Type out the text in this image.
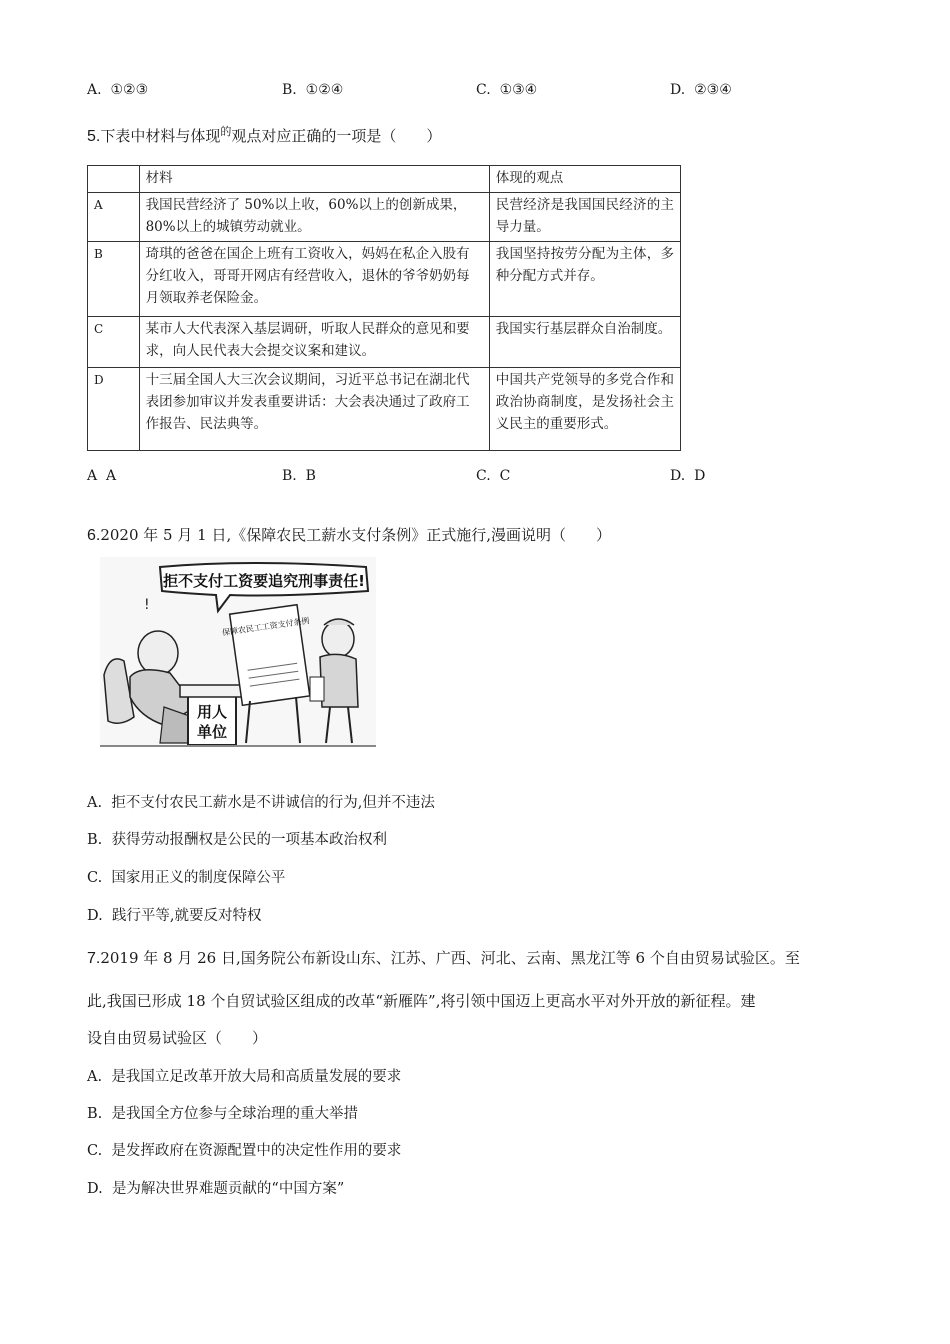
A. ①②③	B. ①②④	C. ①③④	D. ②③④
5.下表中材料与体现$^的$观点对应正确的一项是（　　）
	材料	体现的观点
A	我国民营经济了 50%以上收，60%以上的创新成果，80%以上的城镇劳动就业。	民营经济是我国国民经济的主导力量。
B	琦琪的爸爸在国企上班有工资收入，妈妈在私企入股有分红收入，哥哥开网店有经营收入，退休的爷爷奶奶每月领取养老保险金。	我国坚持按劳分配为主体，多种分配方式并存。
C	某市人大代表深入基层调研，听取人民群众的意见和要求，向人民代表大会提交议案和建议。	我国实行基层群众自治制度。
D	十三届全国人大三次会议期间，习近平总书记在湖北代表团参加审议并发表重要讲话：大会表决通过了政府工作报告、民法典等。	中国共产党领导的多党合作和政治协商制度，是发扬社会主义民主的重要形式。
A A	B. B	C. C	D. D
6.2020 年 5 月 1 日,《保障农民工薪水支付条例》正式施行,漫画说明（　　）
拒不支付工资要追究刑事责任!
!
用人
单位
保障农民工工资支付条例
A. 拒不支付农民工薪水是不讲诚信的行为,但并不违法
B. 获得劳动报酬权是公民的一项基本政治权利
C. 国家用正义的制度保障公平
D. 践行平等,就要反对特权
7.2019 年 8 月 26 日,国务院公布新设山东、江苏、广西、河北、云南、黑龙江等 6 个自由贸易试验区。至
此,我国已形成 18 个自贸试验区组成的改革“新雁阵”,将引领中国迈上更高水平对外开放的新征程。建
设自由贸易试验区（　　）
A. 是我国立足改革开放大局和高质量发展的要求
B. 是我国全方位参与全球治理的重大举措
C. 是发挥政府在资源配置中的决定性作用的要求
D. 是为解决世界难题贡献的“中国方案”
